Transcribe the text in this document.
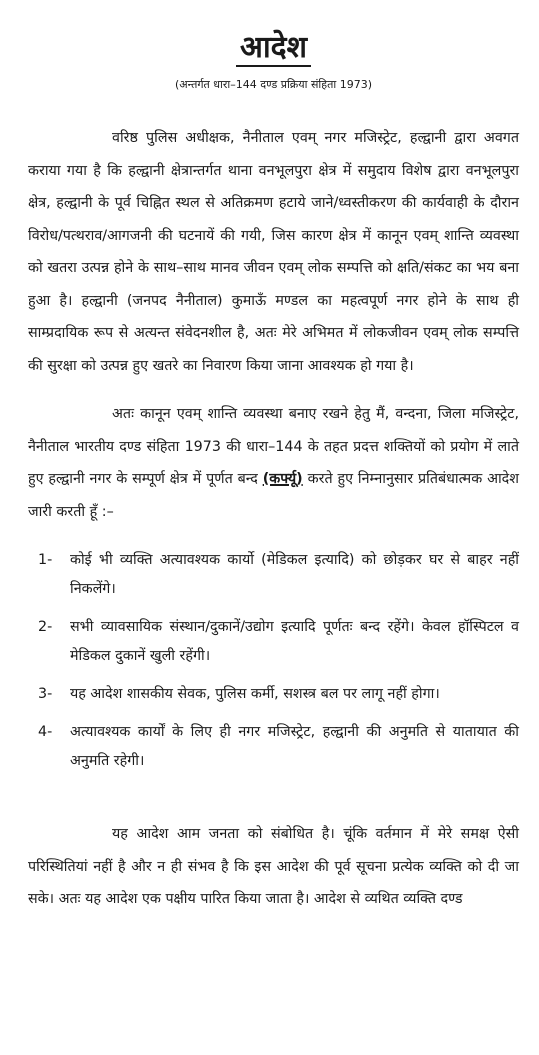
आदेश

(अन्तर्गत धारा–144 दण्ड प्रक्रिया संहिता 1973)

वरिष्ठ पुलिस अधीक्षक, नैनीताल एवम् नगर मजिस्ट्रेट, हल्द्वानी द्वारा अवगत कराया गया है कि हल्द्वानी क्षेत्रान्तर्गत थाना वनभूलपुरा क्षेत्र में समुदाय विशेष द्वारा वनभूलपुरा क्षेत्र, हल्द्वानी के पूर्व चिह्नित स्थल से अतिक्रमण हटाये जाने/ध्वस्तीकरण की कार्यवाही के दौरान विरोध/पत्थराव/आगजनी की घटनायें की गयी, जिस कारण क्षेत्र में कानून एवम् शान्ति व्यवस्था को खतरा उत्पन्न होने के साथ–साथ मानव जीवन एवम् लोक सम्पत्ति को क्षति/संकट का भय बना हुआ है। हल्द्वानी (जनपद नैनीताल) कुमाऊँ मण्डल का महत्वपूर्ण नगर होने के साथ ही साम्प्रदायिक रूप से अत्यन्त संवेदनशील है, अतः मेरे अभिमत में लोकजीवन एवम् लोक सम्पत्ति की सुरक्षा को उत्पन्न हुए खतरे का निवारण किया जाना आवश्यक हो गया है।

अतः कानून एवम् शान्ति व्यवस्था बनाए रखने हेतु मैं, वन्दना, जिला मजिस्ट्रेट, नैनीताल भारतीय दण्ड संहिता 1973 की धारा–144 के तहत प्रदत्त शक्तियों को प्रयोग में लाते हुए हल्द्वानी नगर के सम्पूर्ण क्षेत्र में पूर्णत बन्द (कर्फ्यू) करते हुए निम्नानुसार प्रतिबंधात्मक आदेश जारी करती हूँ :–

1-	कोई भी व्यक्ति अत्यावश्यक कार्यो (मेडिकल इत्यादि) को छोड़कर घर से बाहर नहीं निकलेंगे।
2-	सभी व्यावसायिक संस्थान/दुकानें/उद्योग इत्यादि पूर्णतः बन्द रहेंगे। केवल हॉस्पिटल व मेडिकल दुकानें खुली रहेंगी।
3-	यह आदेश शासकीय सेवक, पुलिस कर्मी, सशस्त्र बल पर लागू नहीं होगा।
4-	अत्यावश्यक कार्यों के लिए ही नगर मजिस्ट्रेट, हल्द्वानी की अनुमति से यातायात की अनुमति रहेगी।

यह आदेश आम जनता को संबोधित है। चूंकि वर्तमान में मेरे समक्ष ऐसी परिस्थितियां नहीं है और न ही संभव है कि इस आदेश की पूर्व सूचना प्रत्येक व्यक्ति को दी जा सके। अतः यह आदेश एक पक्षीय पारित किया जाता है। आदेश से व्यथित व्यक्ति दण्ड
